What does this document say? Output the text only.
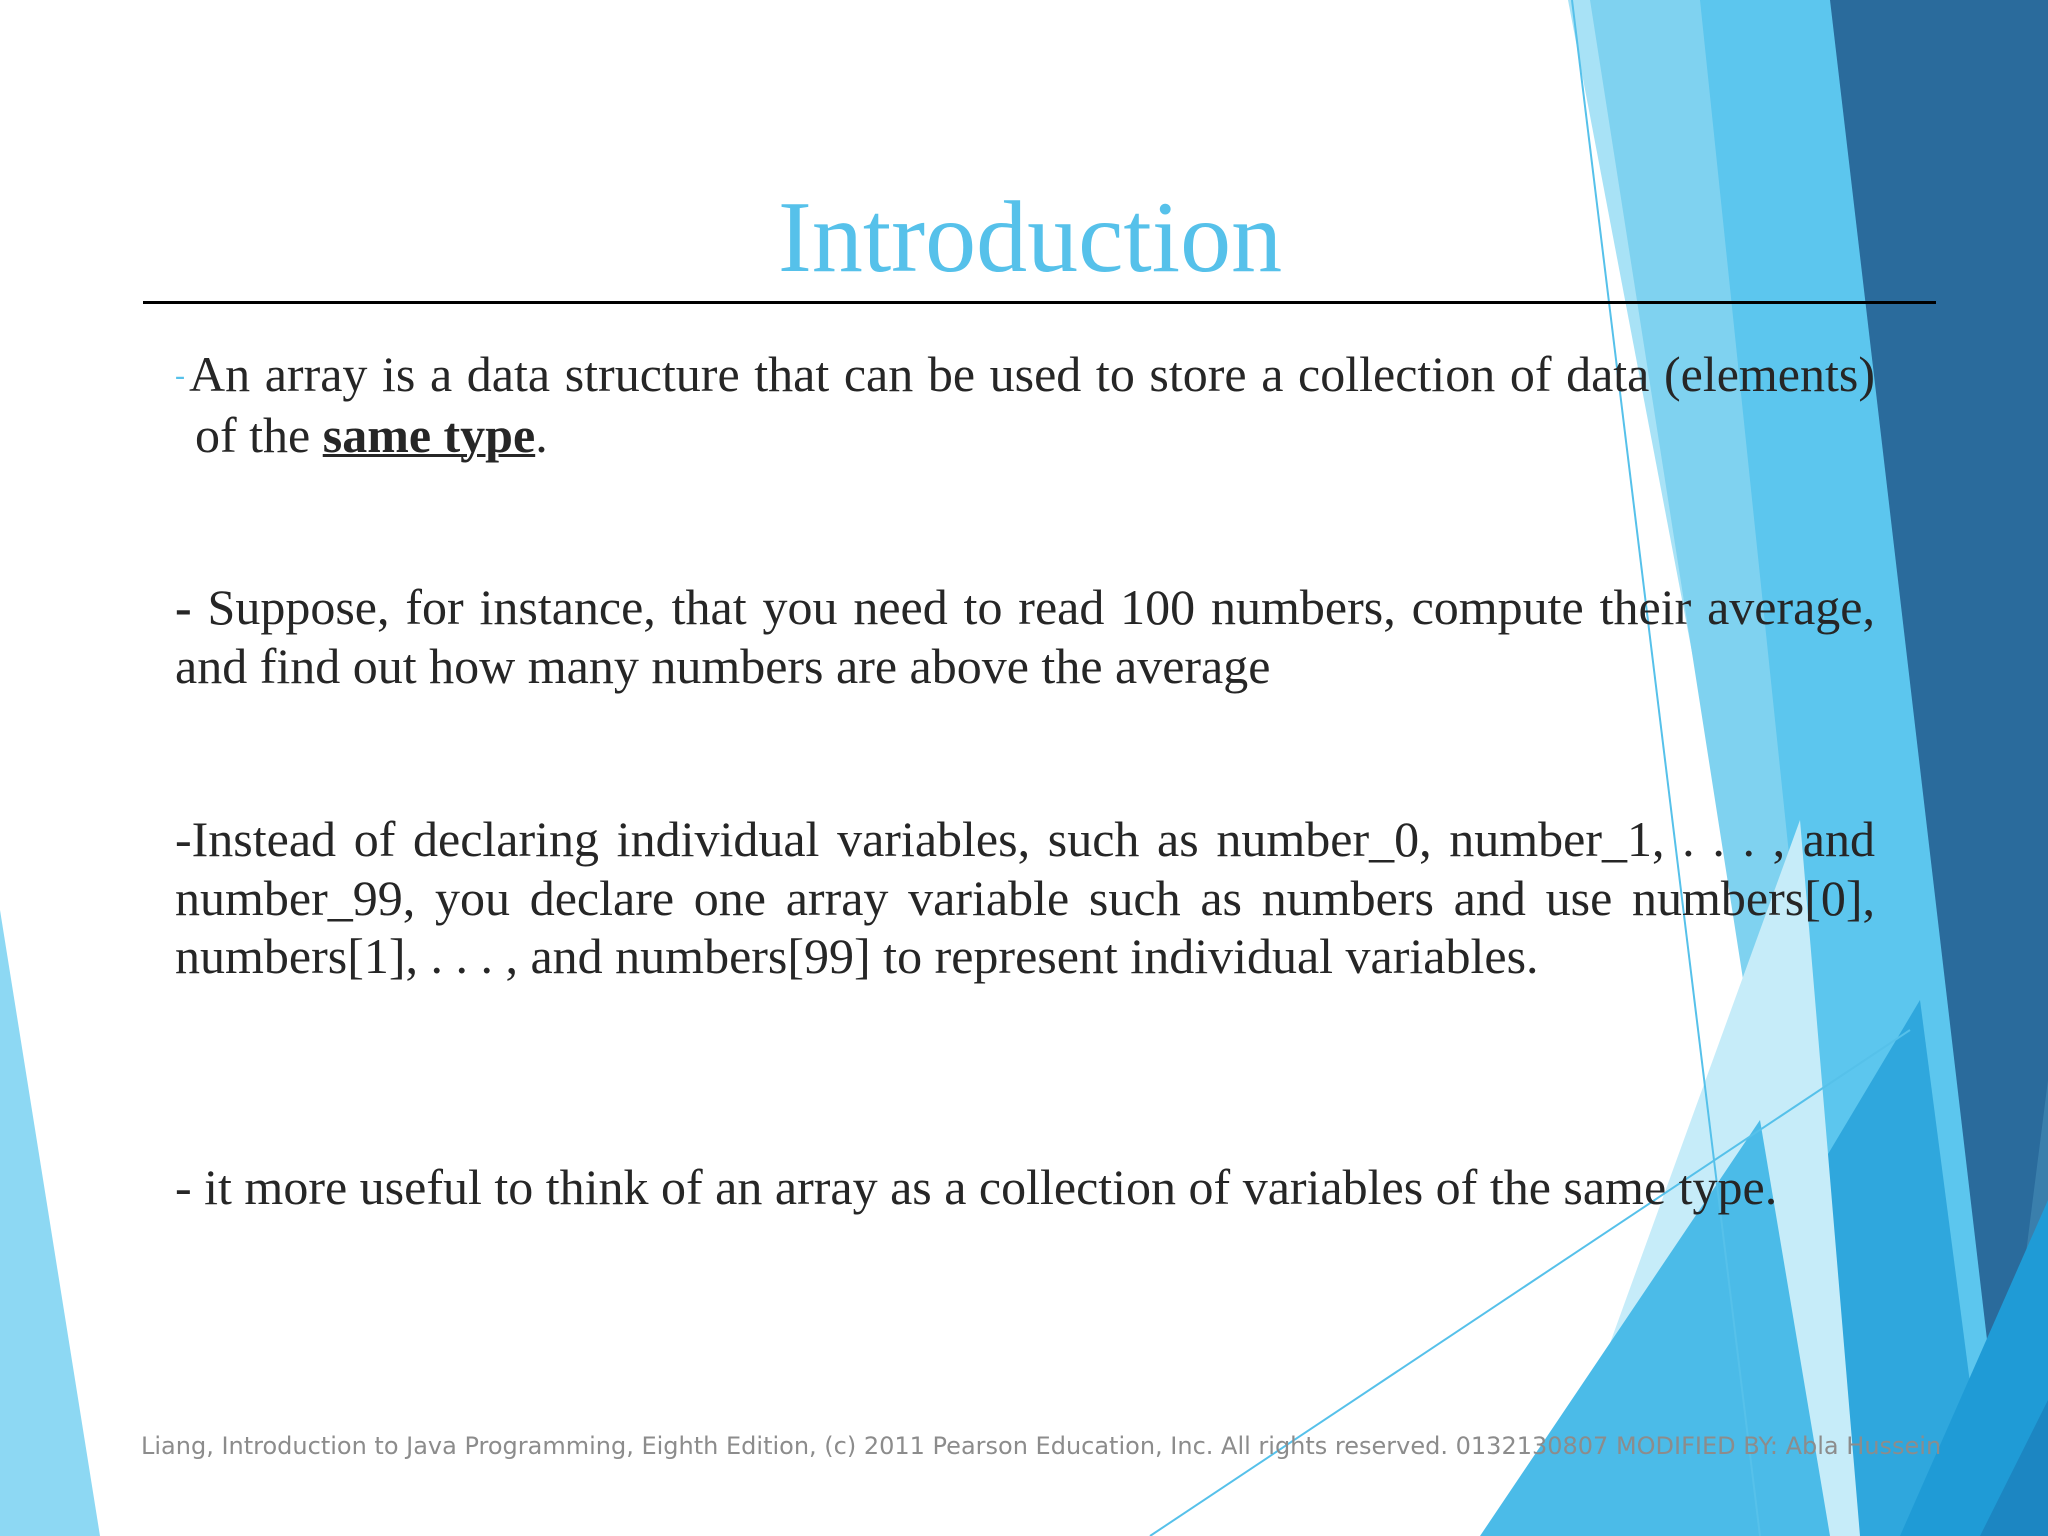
Introduction

-An array is a data structure that can be used to store a collection of data (elements) of the same type.

- Suppose, for instance, that you need to read 100 numbers, compute their average, and find out how many numbers are above the average

-Instead of declaring individual variables, such as number_0, number_1, . . . , and number_99, you declare one array variable such as numbers and use numbers[0], numbers[1], . . . , and numbers[99] to represent individual variables.

- it more useful to think of an array as a collection of variables of the same type.

Liang, Introduction to Java Programming, Eighth Edition, (c) 2011 Pearson Education, Inc. All rights reserved. 0132130807 MODIFIED BY: Abla Hussein
